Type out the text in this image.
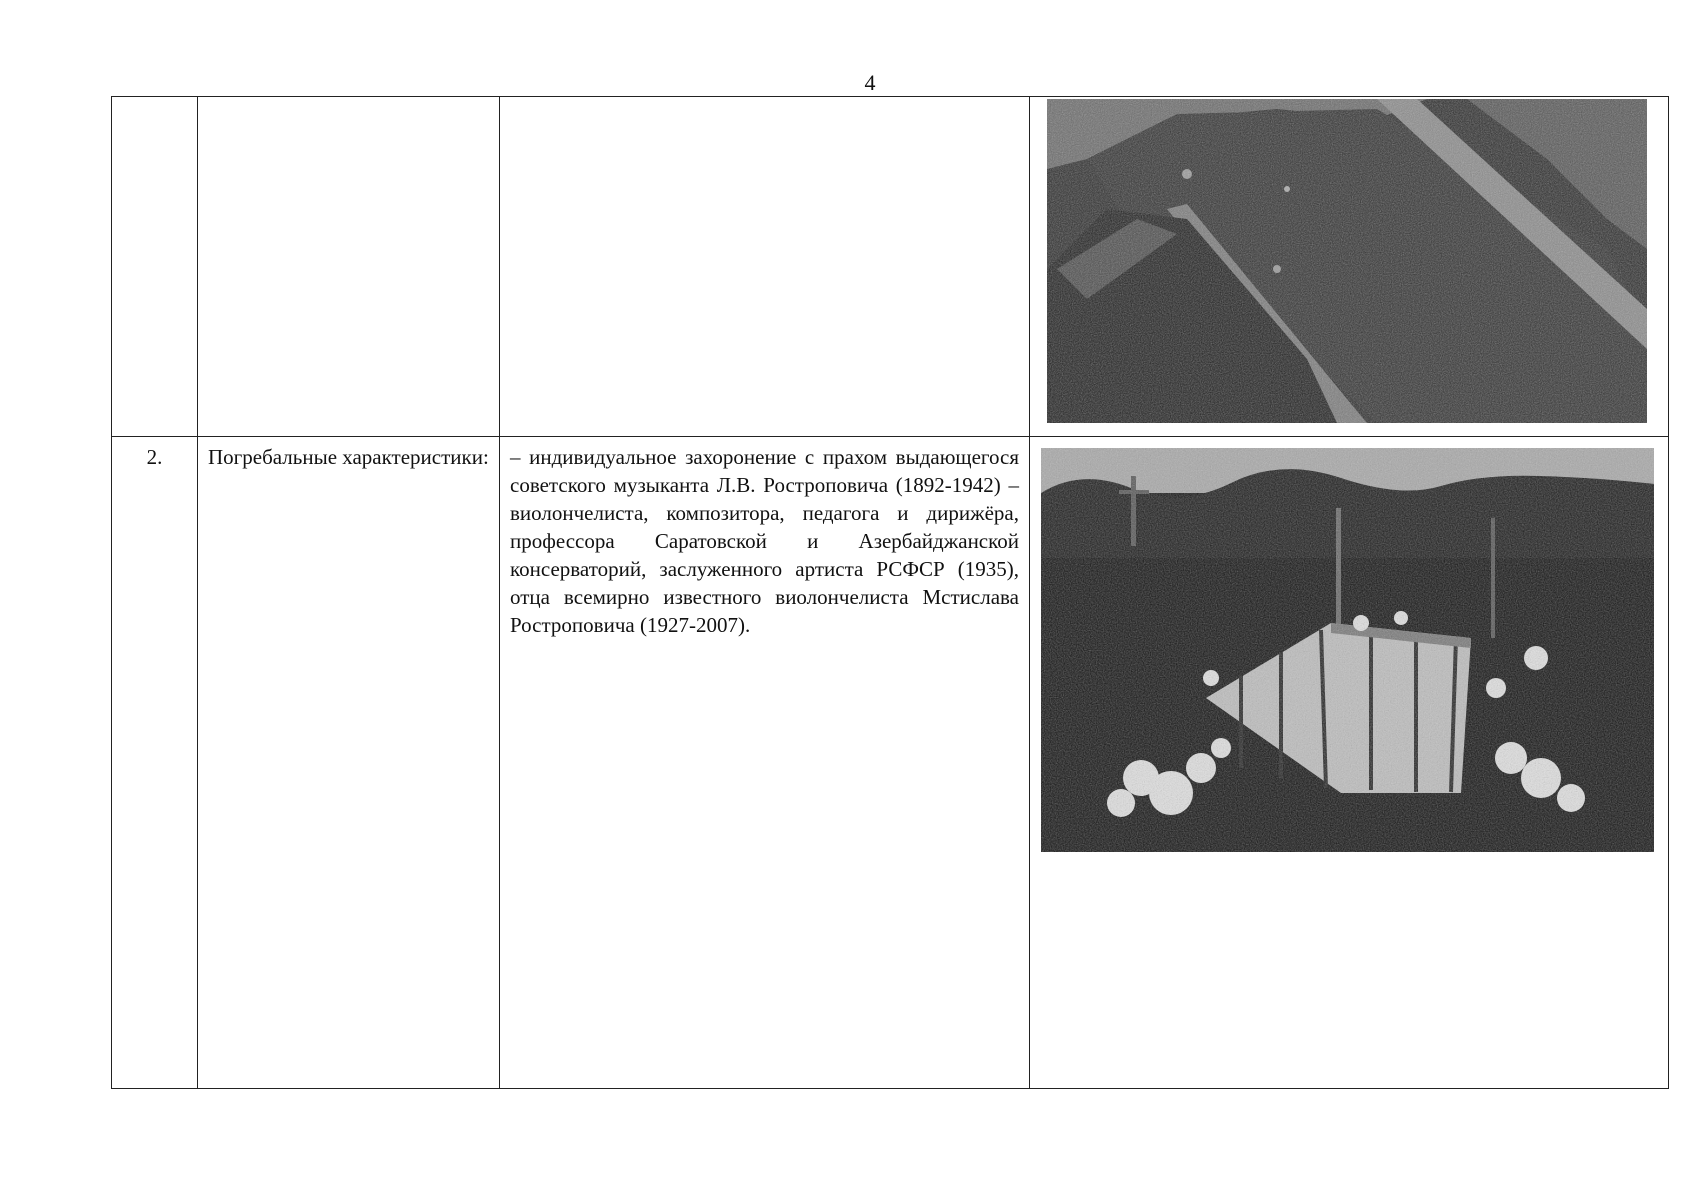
4

2.	Погребальные характеристики:	– индивидуальное захоронение с прахом выдающегося советского музыканта Л.В. Ростроповича (1892-1942) – виолончелиста, композитора, педагога и дирижёра, профессора Саратовской и Азербайджанской консерваторий, заслуженного артиста РСФСР (1935), отца всемирно известного виолончелиста Мстислава Ростроповича (1927-2007).	
